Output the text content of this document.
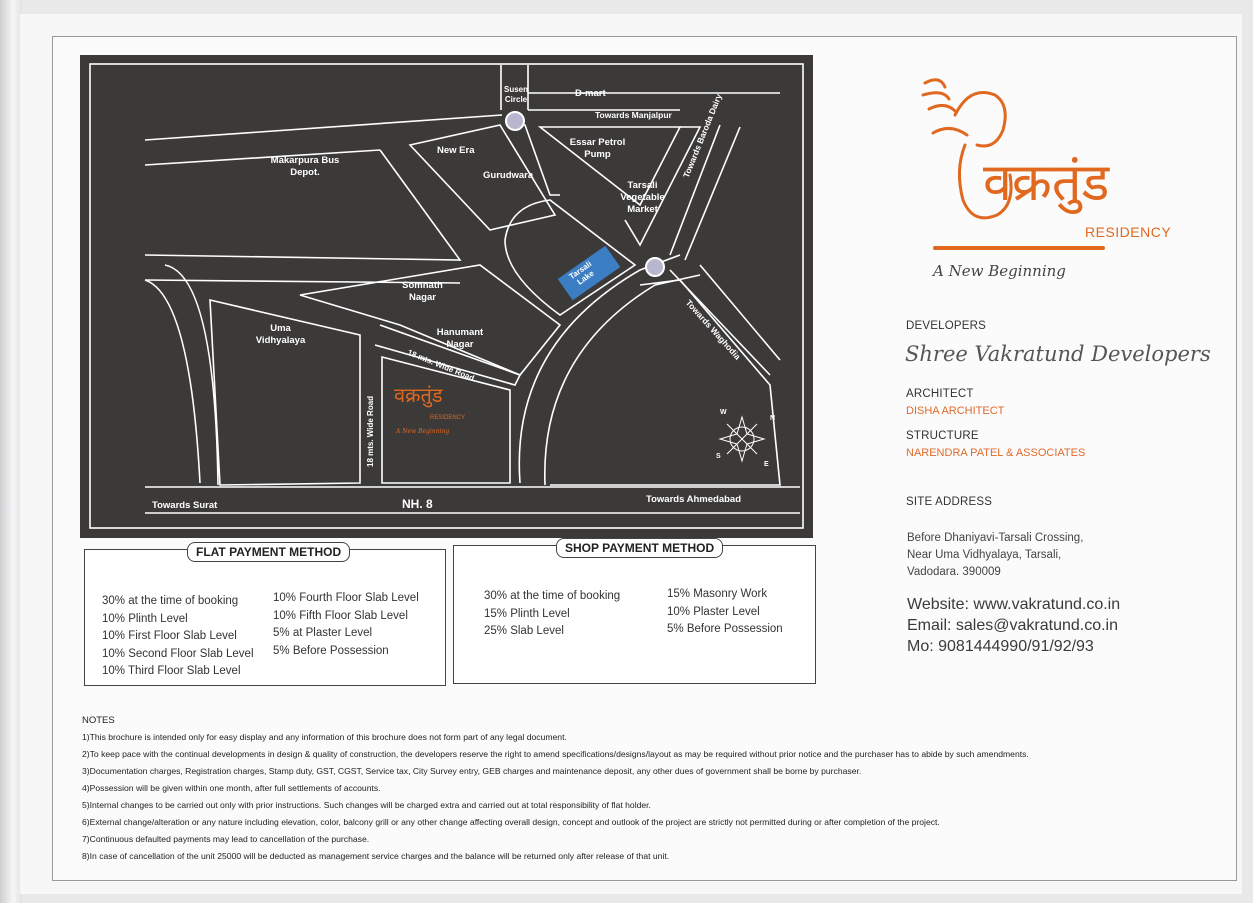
Susen Circle
D-mart
Towards Manjalpur
Makarpura Bus Depot.
New Era
Gurudwara
Essar Petrol Pump
Tarsali Vegetable Market
Towards Baroda Dairy
Tarsali Lake
Somnath Nagar
Hanumant Nagar
Uma Vidhyalaya
18 mts. Wide Road
18 mts. Wide Road
Towards Waghodia
Towards Surat	NH. 8	Towards Ahmedabad
वक्रतुंड
RESIDENCY
A New Beginning
N
E
S
W
FLAT PAYMENT METHOD
30% at the time of booking
10% Plinth Level
10% First Floor Slab Level
10% Second Floor Slab Level
10% Third Floor Slab Level
10% Fourth Floor Slab Level
10% Fifth Floor Slab Level
5% at Plaster Level
5% Before Possession
SHOP PAYMENT METHOD
30% at the time of booking
15% Plinth Level
25% Slab Level
15% Masonry Work
10% Plaster Level
5% Before Possession
वक्रतुंड
RESIDENCY
A New Beginning
DEVELOPERS
Shree Vakratund Developers
ARCHITECT
DISHA ARCHITECT
STRUCTURE
NARENDRA PATEL & ASSOCIATES
SITE ADDRESS
Before Dhaniyavi-Tarsali Crossing,
Near Uma Vidhyalaya, Tarsali,
Vadodara. 390009
Website: www.vakratund.co.in
Email: sales@vakratund.co.in
Mo: 9081444990/91/92/93
NOTES
1)This brochure is intended only for easy display and any information of this brochure does not form part of any legal document.
2)To keep pace with the continual developments in design & quality of construction, the developers reserve the right to amend specifications/designs/layout as may be required without prior notice and the purchaser has to abide by such amendments.
3)Documentation charges, Registration charges, Stamp duty, GST, CGST, Service tax, City Survey entry, GEB charges and maintenance deposit, any other dues of government shall be borne by purchaser.
4)Possession will be given within one month, after full settlements of accounts.
5)Internal changes to be carried out only with prior instructions. Such changes will be charged extra and carried out at total responsibility of flat holder.
6)External change/alteration or any nature including elevation, color, balcony grill or any other change affecting overall design, concept and outlook of the project are strictly not permitted during or after completion of the project.
7)Continuous defaulted payments may lead to cancellation of the purchase.
8)In case of cancellation of the unit 25000 will be deducted as management service charges and the balance will be returned only after release of that unit.
